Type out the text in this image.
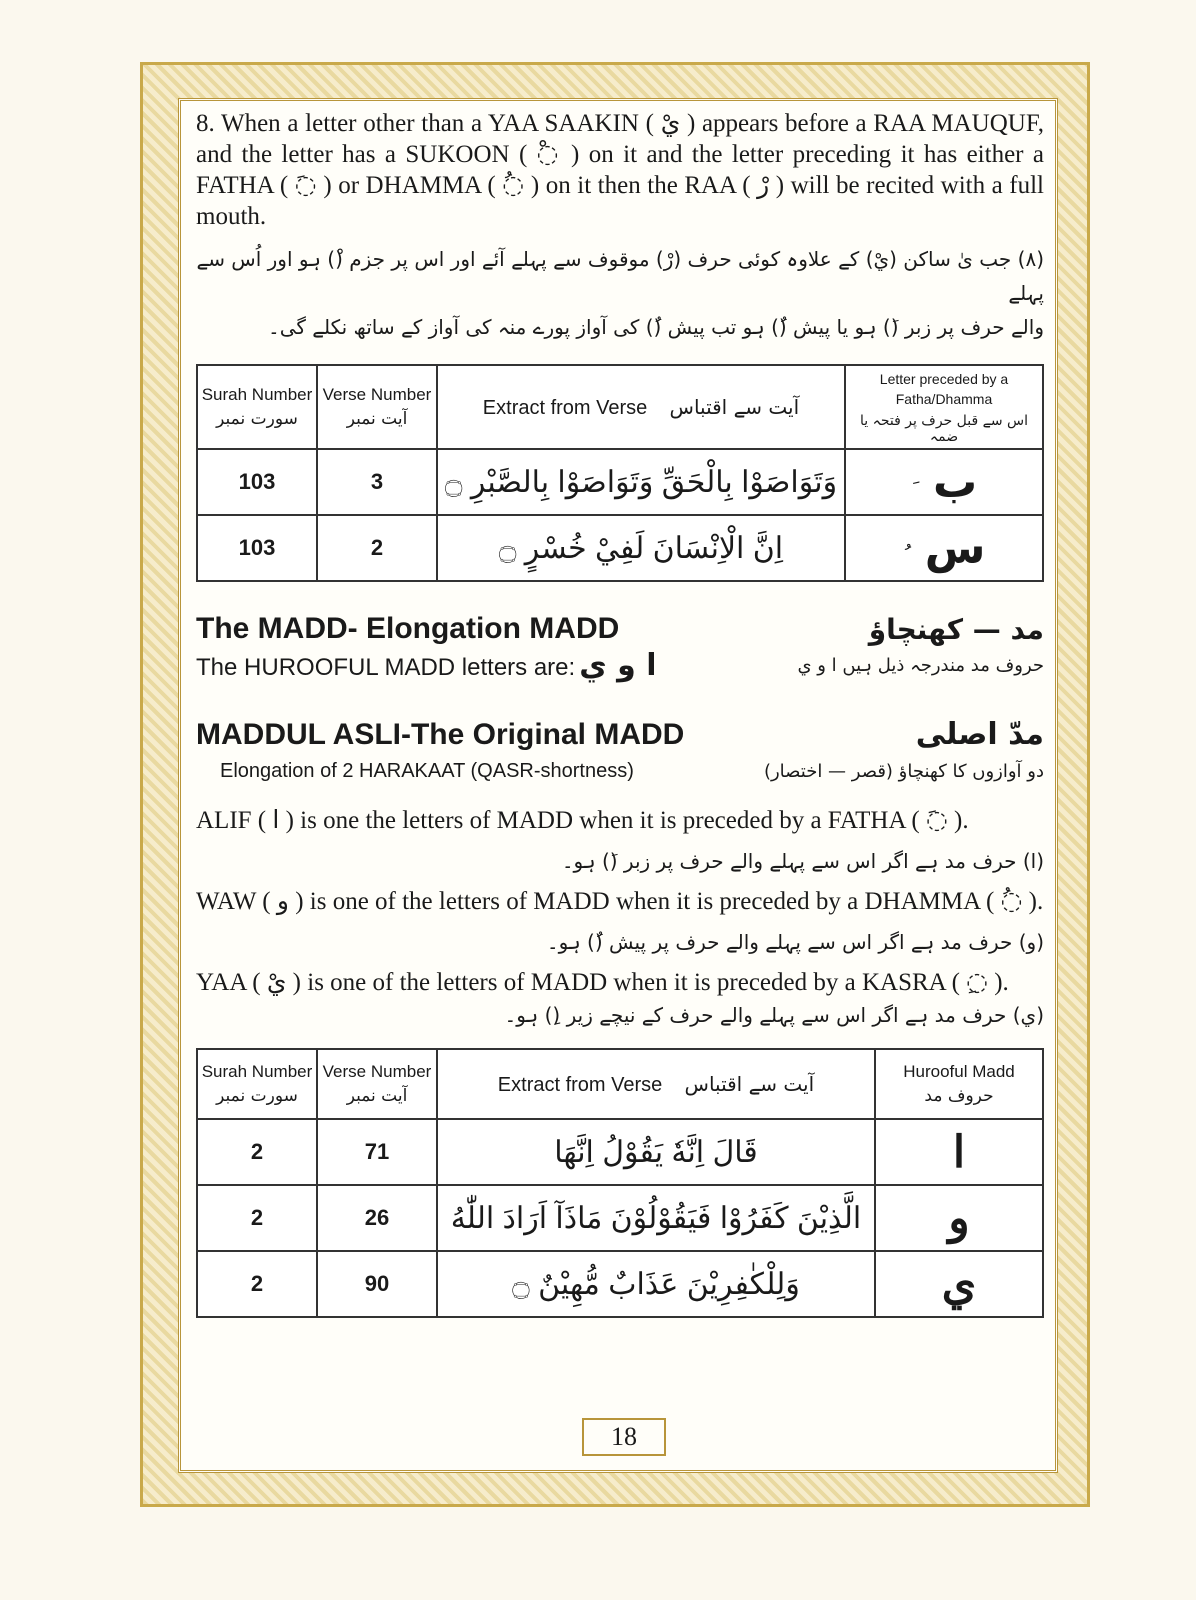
8. When a letter other than a YAA SAAKIN ( يْ ) appears before a RAA MAUQUF, and the letter has a SUKOON ( ◌ْ ) on it and the letter preceding it has either a FATHA ( ◌َ ) or DHAMMA ( ◌ُ ) on it then the RAA ( رْ ) will be recited with a full mouth.

(۸) جب یٰ ساکن (يْ) کے علاوہ کوئی حرف (رْ) موقوف سے پہلے آئے اور اس پر جزم (ْ) ہو اور اُس سے پہلے

والے حرف پر زبر (َ) ہو یا پیش (ُ) ہو تب پیش (ُ) کی آواز پورے منہ کی آواز کے ساتھ نکلے گی۔

Surah Number
سورت نمبر	Verse Number
آیت نمبر	Extract from Verse آیت سے اقتباس	Letter preceded by a Fatha/Dhamma
اس سے قبل حرف پر فتحہ یا ضمہ

103	3	وَتَوَاصَوْا بِالْحَقِّ وَتَوَاصَوْا بِالصَّبْرِ ۝	ب
103	2	اِنَّ الْاِنْسَانَ لَفِيْ خُسْرٍ ۝	س
The MADD- Elongation MADD	مد — کھنچاؤ
The HUROOFUL MADD letters are: ا و ي	حروف مد مندرجہ ذیل ہیں ا و ي
MADDUL ASLI-The Original MADD	مدّ اصلی
Elongation of 2 HARAKAAT (QASR-shortness)	دو آوازوں کا کھنچاؤ (قصر — اختصار)

ALIF ( ا ) is one the letters of MADD when it is preceded by a FATHA ( ◌َ ).

(ا) حرف مد ہے اگر اس سے پہلے والے حرف پر زبر (َ) ہو۔

WAW ( و ) is one of the letters of MADD when it is preceded by a DHAMMA ( ◌ُ ).

(و) حرف مد ہے اگر اس سے پہلے والے حرف پر پیش (ُ) ہو۔

YAA ( يْ ) is one of the letters of MADD when it is preceded by a KASRA ( ◌ِ ).

(ي) حرف مد ہے اگر اس سے پہلے والے حرف کے نیچے زیر (ِ) ہو۔

Surah Number
سورت نمبر	Verse Number
آیت نمبر	Extract from Verse آیت سے اقتباس	Hurooful Madd
حروف مد

2	71	قَالَ اِنَّهٗ يَقُوْلُ اِنَّهَا	ا
2	26	الَّذِيْنَ كَفَرُوْا فَيَقُوْلُوْنَ مَاذَآ اَرَادَ اللّٰهُ	و
2	90	وَلِلْكٰفِرِيْنَ عَذَابٌ مُّهِيْنٌ ۝	ي
18
